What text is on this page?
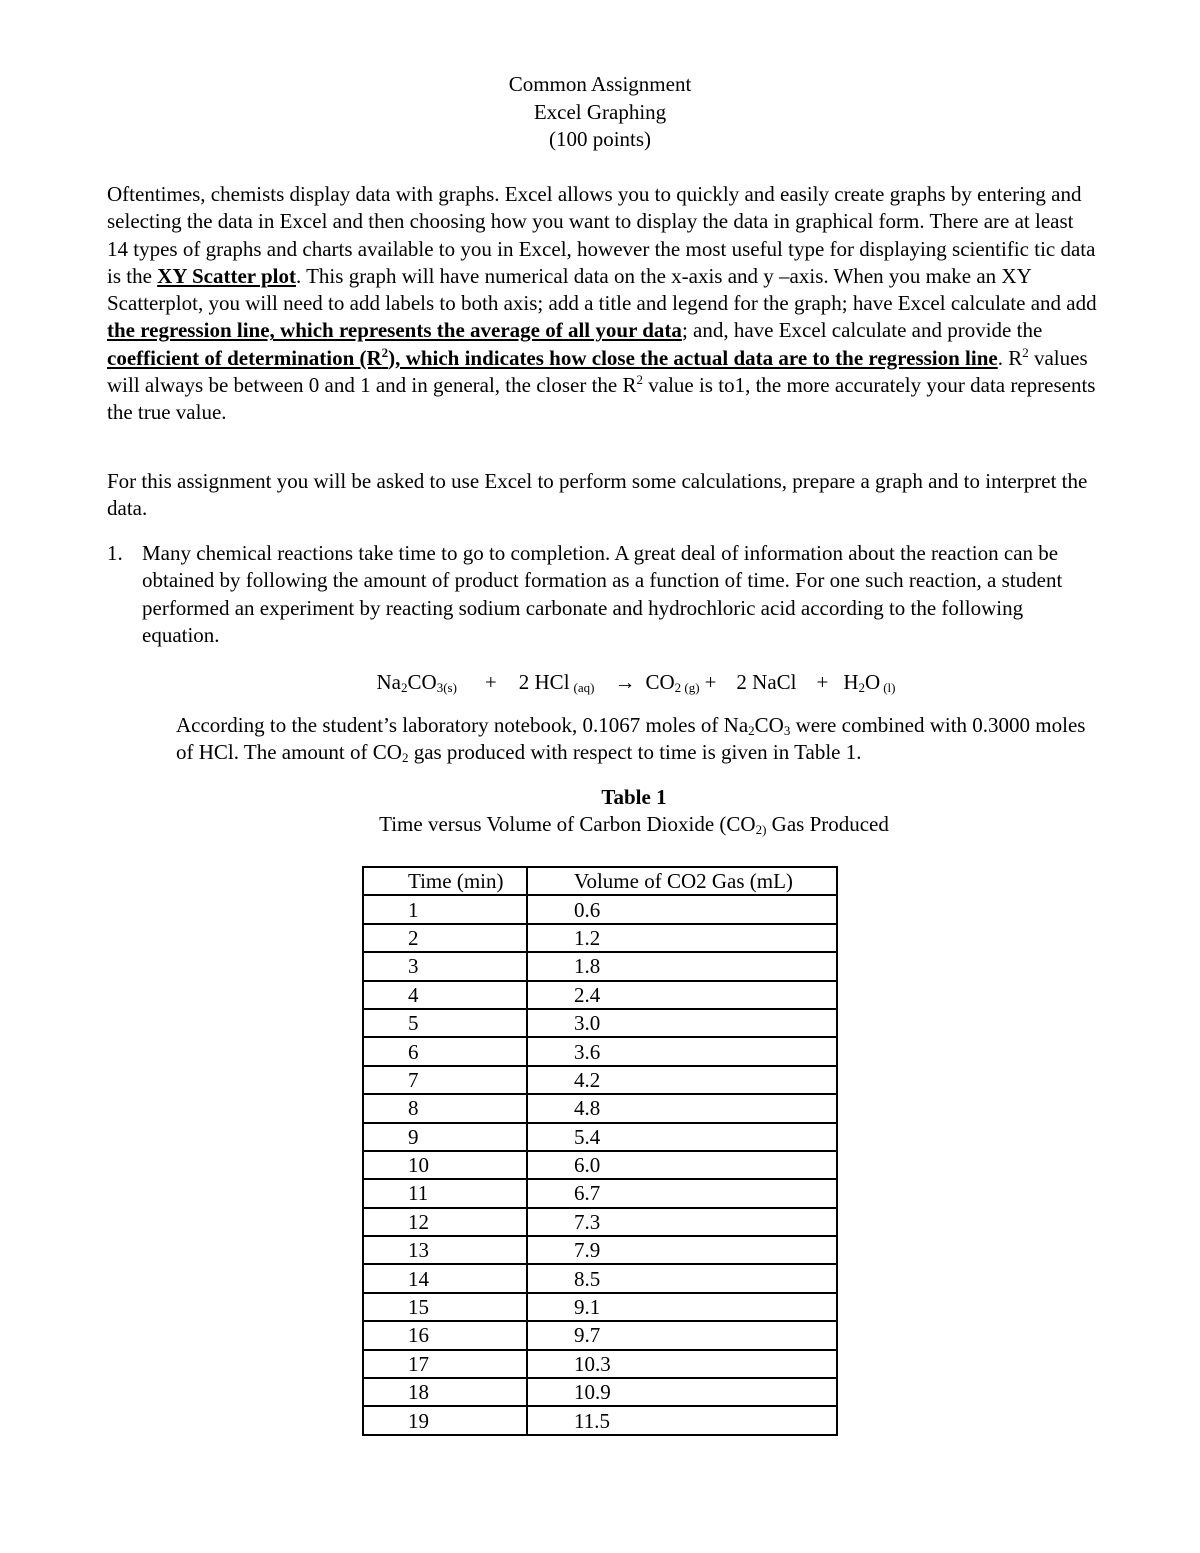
Common Assignment
Excel Graphing
(100 points)
Oftentimes, chemists display data with graphs. Excel allows you to quickly and easily create graphs by entering and selecting the data in Excel and then choosing how you want to display the data in graphical form. There are at least 14 types of graphs and charts available to you in Excel, however the most useful type for displaying scientific tic data is the XY Scatter plot. This graph will have numerical data on the x-axis and y –axis. When you make an XY Scatterplot, you will need to add labels to both axis; add a title and legend for the graph; have Excel calculate and add the regression line, which represents the average of all your data; and, have Excel calculate and provide the coefficient of determination $(R^2)$, which indicates how close the actual data are to the regression line. $R^2$ values will always be between 0 and 1 and in general, the closer the $R^2$ value is to1, the more accurately your data represents the true value.
For this assignment you will be asked to use Excel to perform some calculations, prepare a graph and to interpret the data.
1. Many chemical reactions take time to go to completion. A great deal of information about the reaction can be obtained by following the amount of product formation as a function of time. For one such reaction, a student performed an experiment by reacting sodium carbonate and hydrochloric acid according to the following equation.
$Na_2CO_{3(s)} + 2$ HCl $_{(aq)} \to CO_{2 (g)} + 2$ NaCl + $H_2O$ $_{(l)}$
According to the student’s laboratory notebook, 0.1067 moles of $Na_2CO_3$ were combined with 0.3000 moles of HCl. The amount of $CO_2$ gas produced with respect to time is given in Table 1.
Table 1
Time versus Volume of Carbon Dioxide ($CO_{2)}$ Gas Produced
Time (min)	Volume of CO2 Gas (mL)
1	0.6
2	1.2
3	1.8
4	2.4
5	3.0
6	3.6
7	4.2
8	4.8
9	5.4
10	6.0
11	6.7
12	7.3
13	7.9
14	8.5
15	9.1
16	9.7
17	10.3
18	10.9
19	11.5
